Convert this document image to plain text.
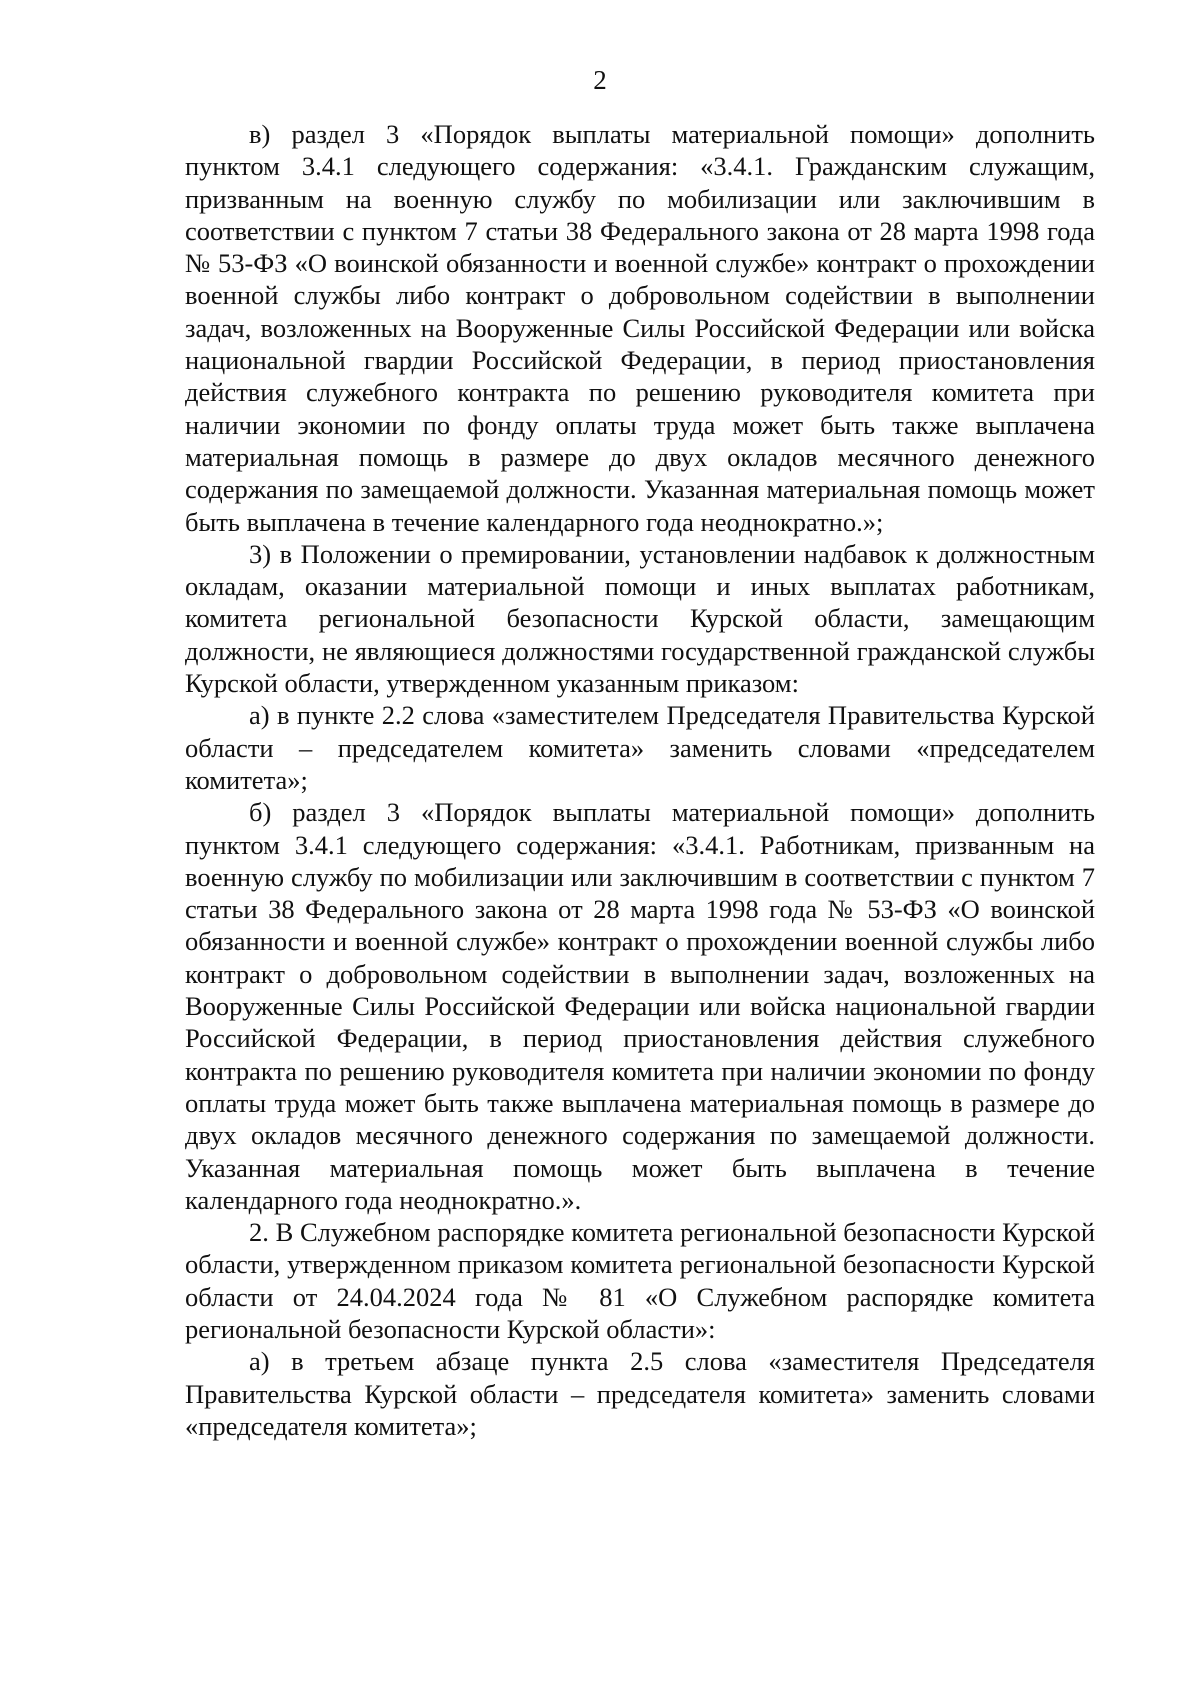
2

в) раздел 3 «Порядок выплаты материальной помощи» дополнить пунктом 3.4.1 следующего содержания: «3.4.1. Гражданским служащим, призванным на военную службу по мобилизации или заключившим в соответствии с пунктом 7 статьи 38 Федерального закона от 28 марта 1998 года № 53-ФЗ «О воинской обязанности и военной службе» контракт о прохождении военной службы либо контракт о добровольном содействии в выполнении задач, возложенных на Вооруженные Силы Российской Федерации или войска национальной гвардии Российской Федерации, в период приостановления действия служебного контракта по решению руководителя комитета при наличии экономии по фонду оплаты труда может быть также выплачена материальная помощь в размере до двух окладов месячного денежного содержания по замещаемой должности. Указанная материальная помощь может быть выплачена в течение календарного года неоднократно.»;

3) в Положении о премировании, установлении надбавок к должностным окладам, оказании материальной помощи и иных выплатах работникам, комитета региональной безопасности Курской области, замещающим должности, не являющиеся должностями государственной гражданской службы Курской области, утвержденном указанным приказом:

а) в пункте 2.2 слова «заместителем Председателя Правительства Курской области – председателем комитета» заменить словами «председателем комитета»;

б) раздел 3 «Порядок выплаты материальной помощи» дополнить пунктом 3.4.1 следующего содержания: «3.4.1. Работникам, призванным на военную службу по мобилизации или заключившим в соответствии с пунктом 7 статьи 38 Федерального закона от 28 марта 1998 года № 53-ФЗ «О воинской обязанности и военной службе» контракт о прохождении военной службы либо контракт о добровольном содействии в выполнении задач, возложенных на Вооруженные Силы Российской Федерации или войска национальной гвардии Российской Федерации, в период приостановления действия служебного контракта по решению руководителя комитета при наличии экономии по фонду оплаты труда может быть также выплачена материальная помощь в размере до двух окладов месячного денежного содержания по замещаемой должности. Указанная материальная помощь может быть выплачена в течение календарного года неоднократно.».

2. В Служебном распорядке комитета региональной безопасности Курской области, утвержденном приказом комитета региональной безопасности Курской области от 24.04.2024 года № 81 «О Служебном распорядке комитета региональной безопасности Курской области»:

а) в третьем абзаце пункта 2.5 слова «заместителя Председателя Правительства Курской области – председателя комитета» заменить словами «председателя комитета»;
